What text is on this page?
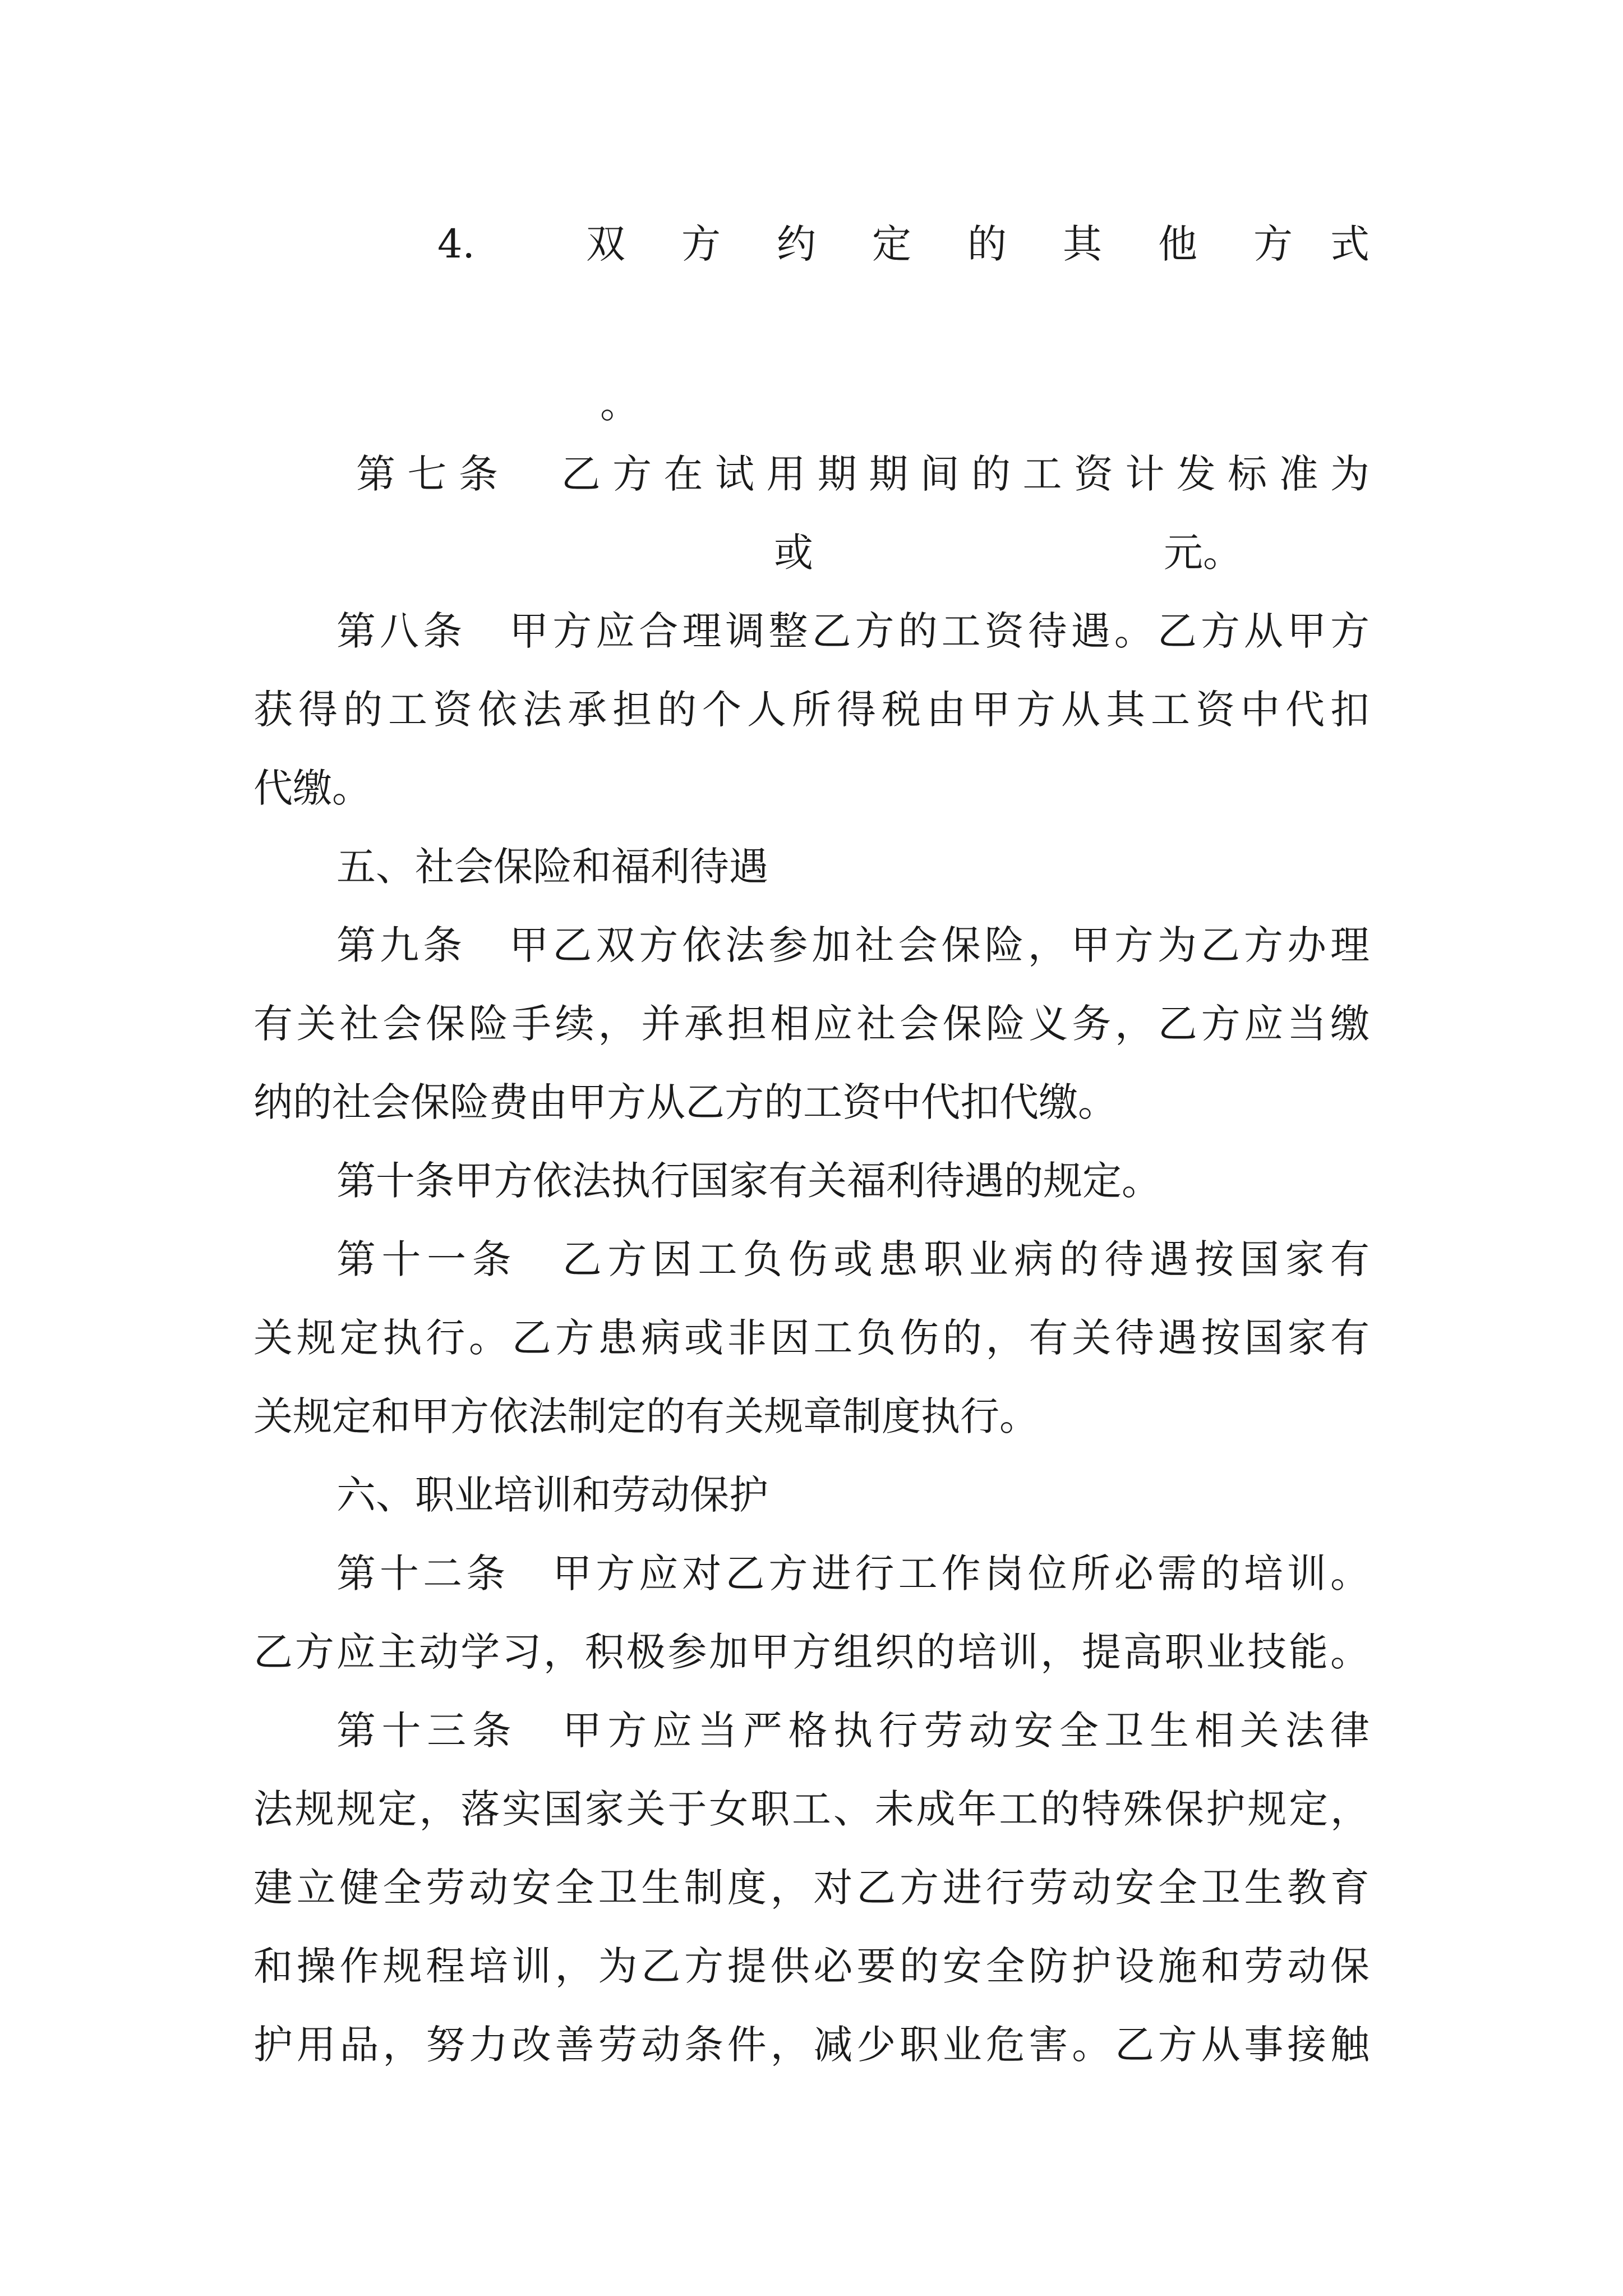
4.	双 方 约 定 的 其 他 方 式
。
第七条　乙方在试用期期间的工资计发标准为
或	元。
第八条　甲方应合理调整乙方的工资待遇。乙方从甲方
获得的工资依法承担的个人所得税由甲方从其工资中代扣
代缴。
五、社会保险和福利待遇
第九条　甲乙双方依法参加社会保险，甲方为乙方办理
有关社会保险手续，并承担相应社会保险义务，乙方应当缴
纳的社会保险费由甲方从乙方的工资中代扣代缴。
第十条甲方依法执行国家有关福利待遇的规定。
第十一条　乙方因工负伤或患职业病的待遇按国家有
关规定执行。乙方患病或非因工负伤的，有关待遇按国家有
关规定和甲方依法制定的有关规章制度执行。
六、职业培训和劳动保护
第十二条　甲方应对乙方进行工作岗位所必需的培训。
乙方应主动学习，积极参加甲方组织的培训，提高职业技能。
第十三条　甲方应当严格执行劳动安全卫生相关法律
法规规定，落实国家关于女职工、未成年工的特殊保护规定，
建立健全劳动安全卫生制度，对乙方进行劳动安全卫生教育
和操作规程培训，为乙方提供必要的安全防护设施和劳动保
护用品，努力改善劳动条件，减少职业危害。乙方从事接触
